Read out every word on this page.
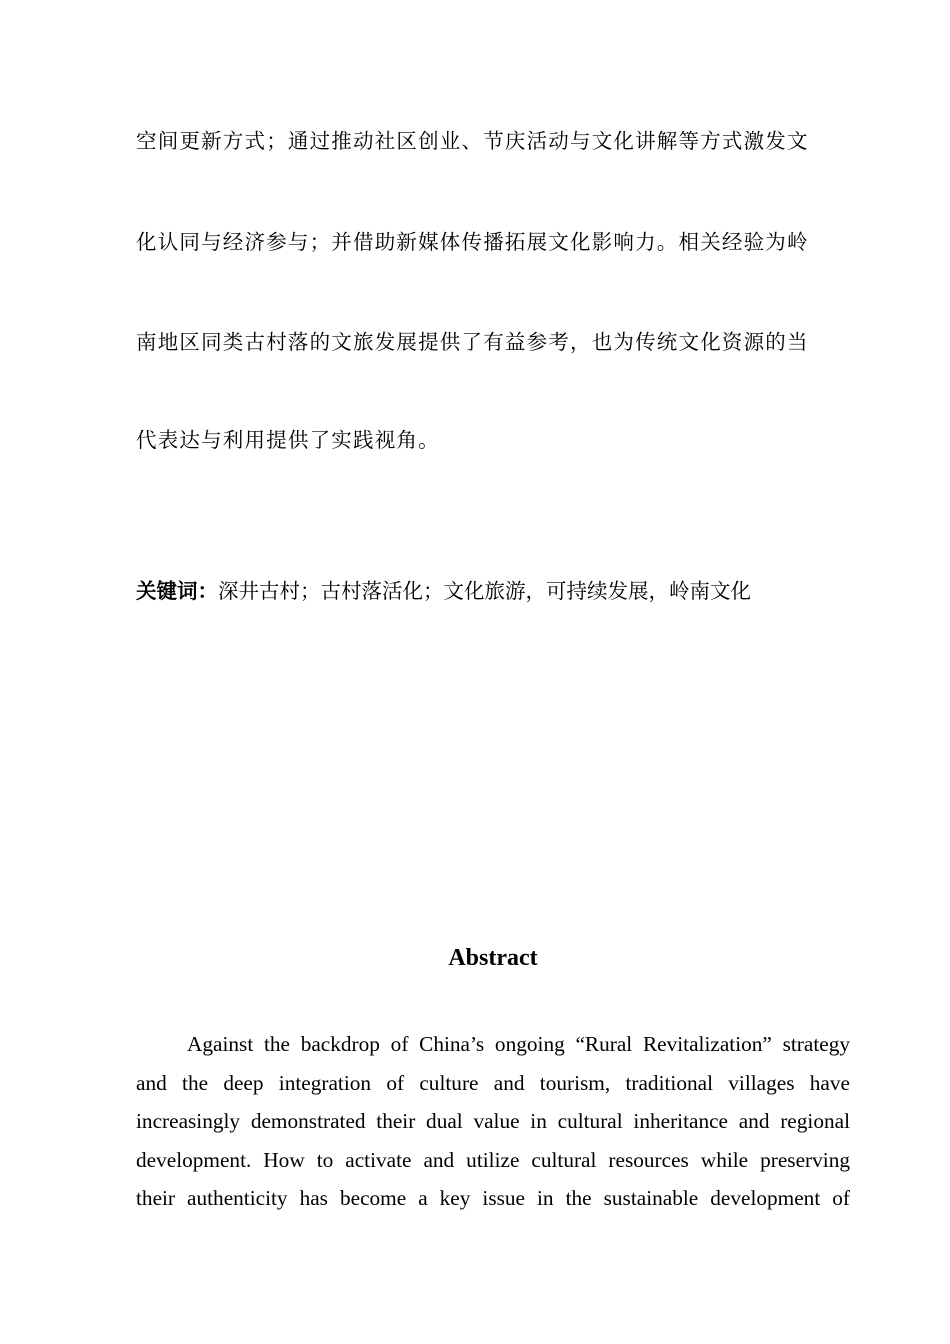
空间更新方式；通过推动社区创业、节庆活动与文化讲解等方式激发文
化认同与经济参与；并借助新媒体传播拓展文化影响力。相关经验为岭
南地区同类古村落的文旅发展提供了有益参考，也为传统文化资源的当
代表达与利用提供了实践视角。
关键词：深井古村；古村落活化；文化旅游，可持续发展，岭南文化
Abstract
Against the backdrop of China’s ongoing “Rural Revitalization” strategy
and the deep integration of culture and tourism, traditional villages have
increasingly demonstrated their dual value in cultural inheritance and regional
development. How to activate and utilize cultural resources while preserving
their authenticity has become a key issue in the sustainable development of
